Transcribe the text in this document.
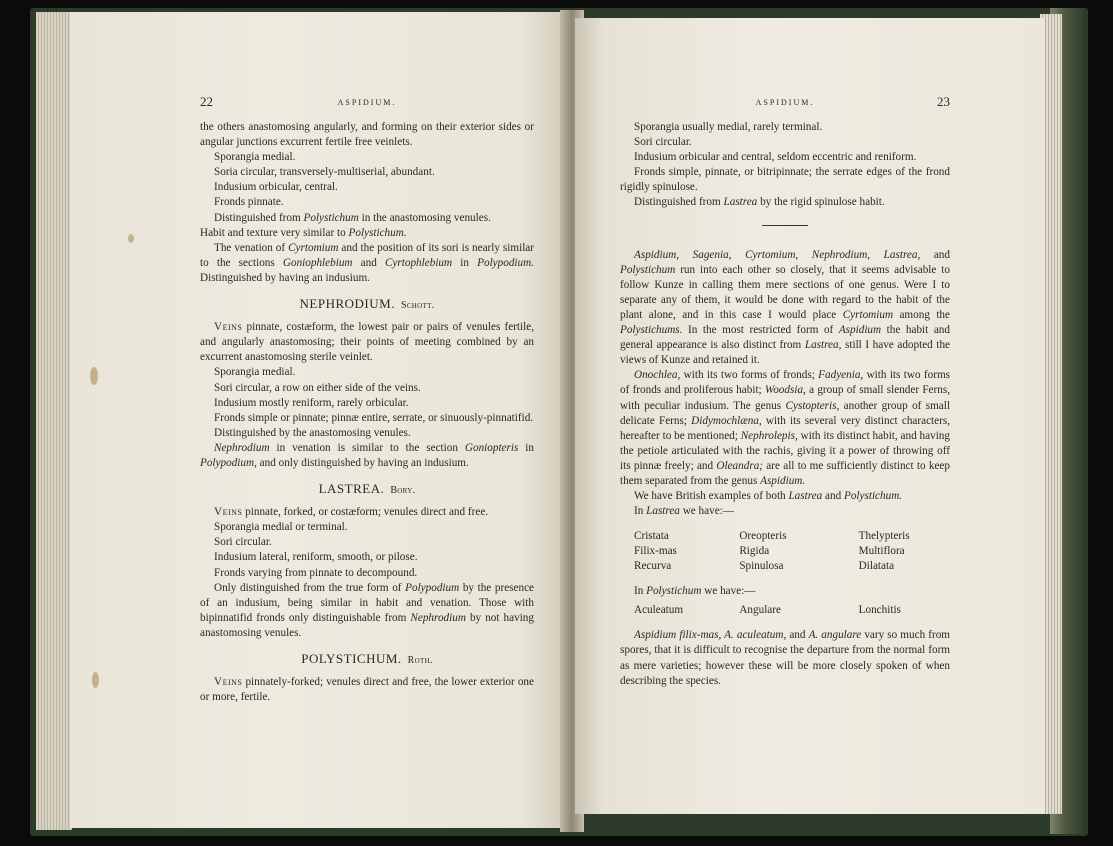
22	ASPIDIUM.

the others anastomosing angularly, and forming on their exterior sides or angular junctions excurrent fertile free veinlets.

Sporangia medial.

Soria circular, transversely-multiserial, abundant.

Indusium orbicular, central.

Fronds pinnate.

Distinguished from Polystichum in the anastomosing venules.

Habit and texture very similar to Polystichum.

The venation of Cyrtomium and the position of its sori is nearly similar to the sections Goniophlebium and Cyrtophlebium in Polypodium. Distinguished by having an indusium.

NEPHRODIUM. Schott.

Veins pinnate, costæform, the lowest pair or pairs of venules fertile, and angularly anastomosing; their points of meeting combined by an excurrent anastomosing sterile veinlet.

Sporangia medial.

Sori circular, a row on either side of the veins.

Indusium mostly reniform, rarely orbicular.

Fronds simple or pinnate; pinnæ entire, serrate, or sinuously-pinnatifid.

Distinguished by the anastomosing venules.

Nephrodium in venation is similar to the section Goniopteris in Polypodium, and only distinguished by having an indusium.

LASTREA. Bory.

Veins pinnate, forked, or costæform; venules direct and free.

Sporangia medial or terminal.

Sori circular.

Indusium lateral, reniform, smooth, or pilose.

Fronds varying from pinnate to decompound.

Only distinguished from the true form of Polypodium by the presence of an indusium, being similar in habit and venation. Those with bipinnatifid fronds only distinguishable from Nephrodium by not having anastomosing venules.

POLYSTICHUM. Roth.

Veins pinnately-forked; venules direct and free, the lower exterior one or more, fertile.

ASPIDIUM.	23

Sporangia usually medial, rarely terminal.

Sori circular.

Indusium orbicular and central, seldom eccentric and reniform.

Fronds simple, pinnate, or bitripinnate; the serrate edges of the frond rigidly spinulose.

Distinguished from Lastrea by the rigid spinulose habit.

Aspidium, Sagenia, Cyrtomium, Nephrodium, Lastrea, and Polystichum run into each other so closely, that it seems advisable to follow Kunze in calling them mere sections of one genus. Were I to separate any of them, it would be done with regard to the habit of the plant alone, and in this case I would place Cyrtomium among the Polystichums. In the most restricted form of Aspidium the habit and general appearance is also distinct from Lastrea, still I have adopted the views of Kunze and retained it.

Onochlea, with its two forms of fronds; Fadyenia, with its two forms of fronds and proliferous habit; Woodsia, a group of small slender Ferns, with peculiar indusium. The genus Cystopteris, another group of small delicate Ferns; Didymochlæna, with its several very distinct characters, hereafter to be mentioned; Nephrolepis, with its distinct habit, and having the petiole articulated with the rachis, giving it a power of throwing off its pinnæ freely; and Oleandra; are all to me sufficiently distinct to keep them separated from the genus Aspidium.

We have British examples of both Lastrea and Polystichum.

In Lastrea we have:—

Cristata	Oreopteris	Thelypteris
Filix-mas	Rigida	Multiflora
Recurva	Spinulosa	Dilatata

In Polystichum we have:—

Aculeatum	Angulare	Lonchitis

Aspidium filix-mas, A. aculeatum, and A. angulare vary so much from spores, that it is difficult to recognise the departure from the normal form as mere varieties; however these will be more closely spoken of when describing the species.
